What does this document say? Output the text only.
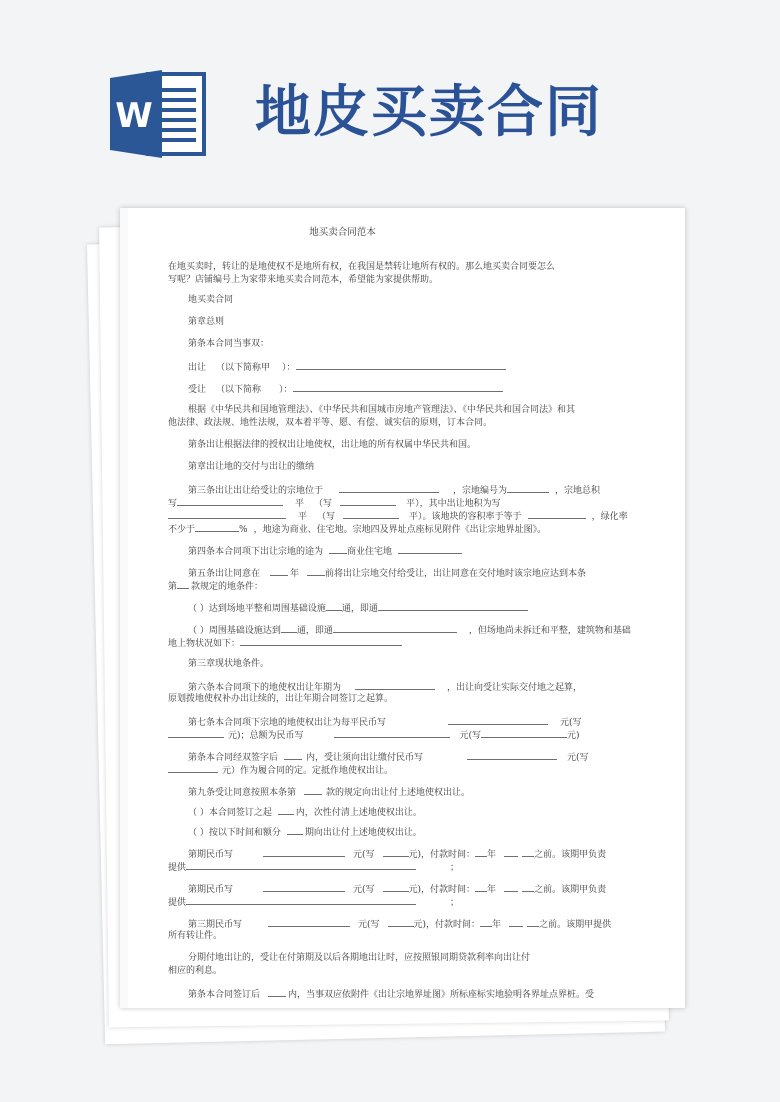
W 地皮买卖合同
地买卖合同范本

在地买卖时，转让的是地使权不是地所有权，在我国是禁转让地所有权的。那么地买卖合同要怎么

写呢？店铺编号上为家带来地买卖合同范本，希望能为家提供帮助。

地买卖合同

第章总则

第条本合同当事双：

出让 （以下简称甲 ）：

受让 （以下简称 ）：

根据《中华民共和国地管理法》、《中华民共和国城市房地产管理法》、《中华民共和国合同法》和其

他法律、政法规、地性法规，双本着平等、愿、有偿、诚实信的原则，订本合同。

第条出让根据法律的授权出让地使权，出让地的所有权属中华民共和国。

第章出让地的交付与出让的缴纳

第三条出让出让给受让的宗地位于	，宗地编号为	，宗地总积

写	平 （写	平），其中出让地积为写

平 （写	平）。该地块的容积率于等于	，绿化率

不少于	% ，地途为商业、住宅地。宗地四及界址点座标见附件《出让宗地界址图》。

第四条本合同项下出让宗地的途为	商业住宅地

第五条出让同意在	年	前将出让宗地交付给受让，出让同意在交付地时该宗地应达到本条

第 款规定的地条件：

（ ）达到场地平整和周围基础设施 通，即通

（ ）周围基础设施达到 通，即通	，但场地尚未拆迁和平整，建筑物和基础

地上物状况如下：

第三章现状地条件。

第六条本合同项下的地使权出让年期为	，出让向受让实际交付地之起算，

原划拨地使权补办出让续的，出让年期合同签订之起算。

第七条本合同项下宗地的地使权出让为每平民币写	元(写

元)；总额为民币写	元(写	元)

第条本合同经双签字后	内，受让须向出让缴付民币写	元(写

元）作为履合同的定。定抵作地使权出让。

第九条受让同意按照本条第	款的规定向出让付上述地使权出让。

（ ）本合同签订之起	内，次性付清上述地使权出让。

（ ）按以下时间和额分	期向出让付上述地使权出让。

第期民币写	元(写	元)，付款时间： 年	之前。该期甲负责

提供	；

第期民币写	元(写	元)，付款时间： 年	之前。该期甲负责

提供	；

第三期民币写	元(写	元)，付款时间： 年	之前。该期甲提供

所有转让件。

分期付地出让的，受让在付第期及以后各期地出让时，应按照银同期贷款利率向出让付

相应的利息。

第条本合同签订后	内，当事双应依附件《出让宗地界址图》所标座标实地验明各界址点界桩。受
